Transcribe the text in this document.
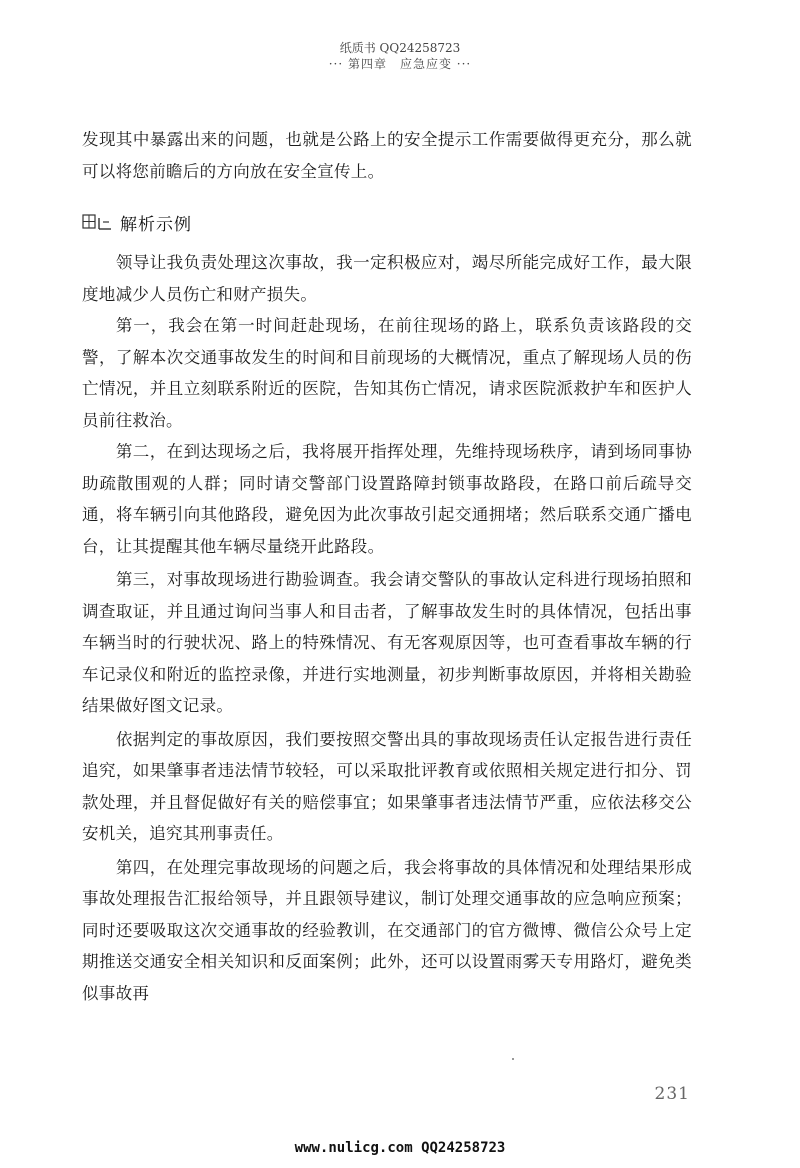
纸质书 QQ24258723
··· 第四章　应急应变 ···

发现其中暴露出来的问题，也就是公路上的安全提示工作需要做得更充分，那么就可以将您前瞻后的方向放在安全宣传上。

解析示例

领导让我负责处理这次事故，我一定积极应对，竭尽所能完成好工作，最大限度地减少人员伤亡和财产损失。

第一，我会在第一时间赶赴现场，在前往现场的路上，联系负责该路段的交警，了解本次交通事故发生的时间和目前现场的大概情况，重点了解现场人员的伤亡情况，并且立刻联系附近的医院，告知其伤亡情况，请求医院派救护车和医护人员前往救治。

第二，在到达现场之后，我将展开指挥处理，先维持现场秩序，请到场同事协助疏散围观的人群；同时请交警部门设置路障封锁事故路段，在路口前后疏导交通，将车辆引向其他路段，避免因为此次事故引起交通拥堵；然后联系交通广播电台，让其提醒其他车辆尽量绕开此路段。

第三，对事故现场进行勘验调查。我会请交警队的事故认定科进行现场拍照和调查取证，并且通过询问当事人和目击者，了解事故发生时的具体情况，包括出事车辆当时的行驶状况、路上的特殊情况、有无客观原因等，也可查看事故车辆的行车记录仪和附近的监控录像，并进行实地测量，初步判断事故原因，并将相关勘验结果做好图文记录。

依据判定的事故原因，我们要按照交警出具的事故现场责任认定报告进行责任追究，如果肇事者违法情节较轻，可以采取批评教育或依照相关规定进行扣分、罚款处理，并且督促做好有关的赔偿事宜；如果肇事者违法情节严重，应依法移交公安机关，追究其刑事责任。

第四，在处理完事故现场的问题之后，我会将事故的具体情况和处理结果形成事故处理报告汇报给领导，并且跟领导建议，制订处理交通事故的应急响应预案；同时还要吸取这次交通事故的经验教训，在交通部门的官方微博、微信公众号上定期推送交通安全相关知识和反面案例；此外，还可以设置雨雾天专用路灯，避免类似事故再

231
www.nulicg.com QQ24258723
